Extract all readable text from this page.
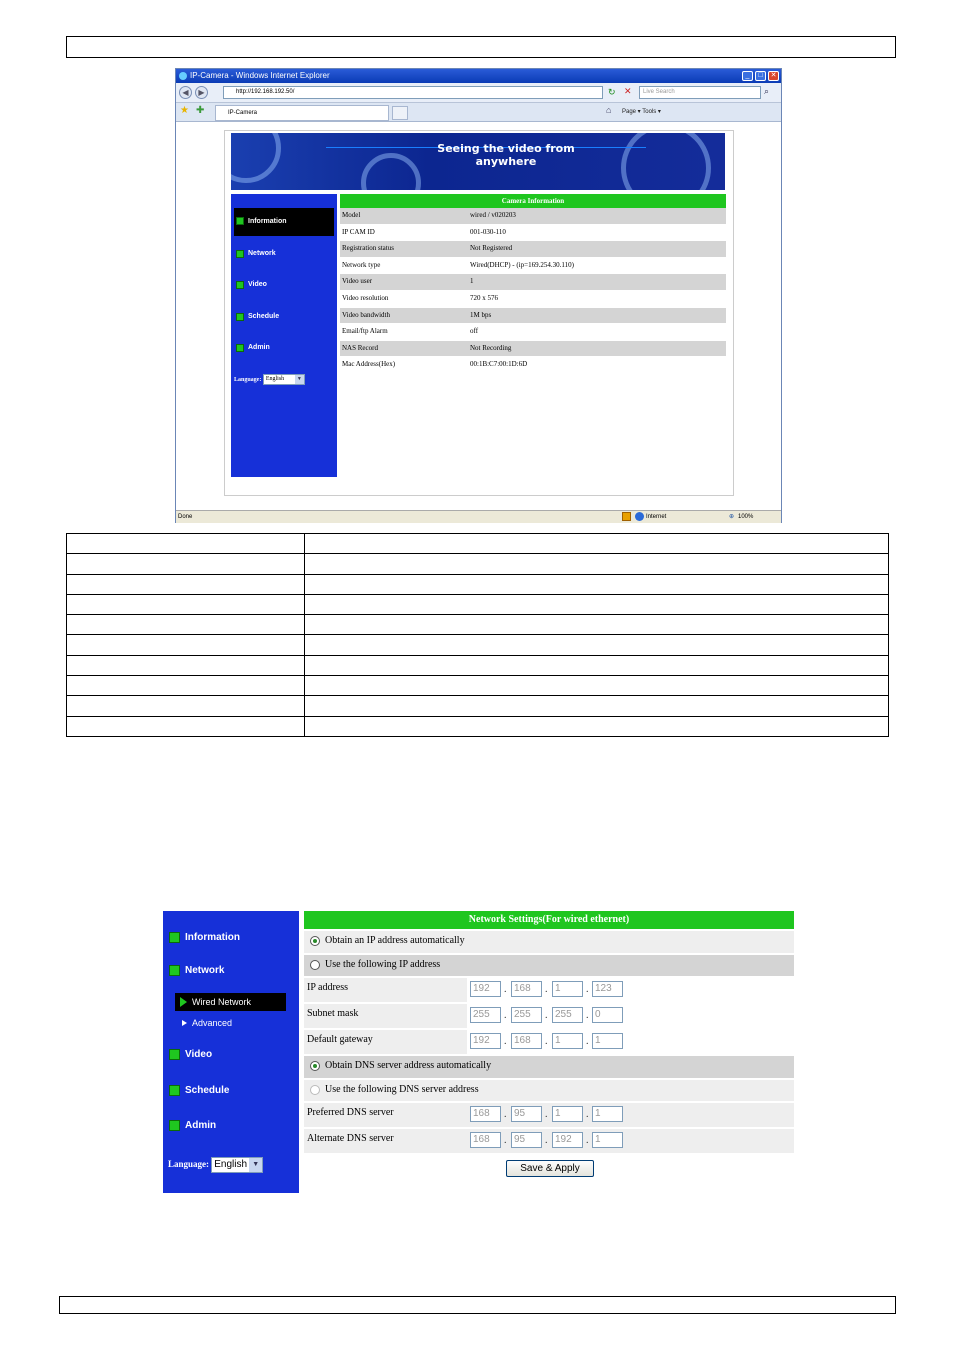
IP-Camera - Windows Internet Explorer	_	□	✕
◀	▶	http://192.168.192.50/	↻ ✕	Live Search	⌕
★ ✚	IP-Camera	⌂ Page ▾ Tools ▾
Seeing the video from anywhere
Information
Network
Video
Schedule
Admin
Language: English	▼
Camera Information
Model	wired / v020203
IP CAM ID	001-030-110
Registration status	Not Registered
Network type	Wired(DHCP) - (ip=169.254.30.110)
Video user	1
Video resolution	720 x 576
Video bandwidth	1M bps
Email/ftp Alarm	off
NAS Record	Not Recording
Mac Address(Hex)	00:1B:C7:00:1D:6D
Done	Internet	⊕ 100%

Information
Network
Wired Network
Advanced
Video
Schedule
Admin
Language: English ▼
Network Settings(For wired ethernet)
Obtain an IP address automatically
Use the following IP address
IP address	192	. 168	. 1	. 123
Subnet mask	255	. 255	. 255	. 0
Default gateway	192	. 168	. 1	. 1
Obtain DNS server address automatically
Use the following DNS server address
Preferred DNS server	168	. 95	. 1	. 1
Alternate DNS server	168	. 95	. 192	. 1
Save & Apply
